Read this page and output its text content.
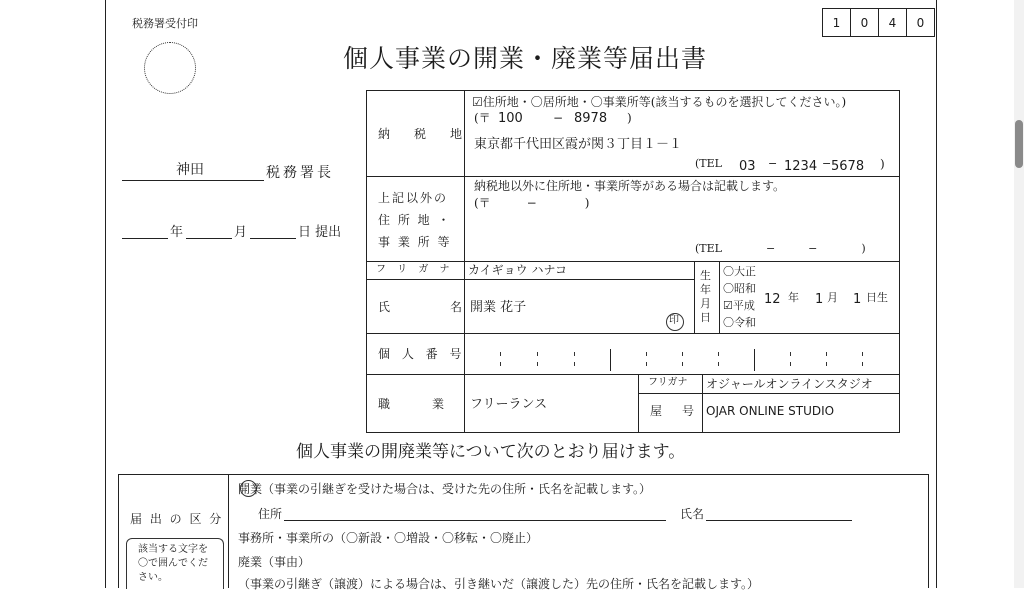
1	0	4	0
税務署受付印
個人事業の開業・廃業等届出書
神田	税務署長
年	月	日 提出
納　税　地
☑住所地・〇居所地・〇事業所等(該当するものを選択してください。)
(〒 100	− 8978 )
東京都千代田区霞が関３丁目１－１
(TEL 03 − 1234 − 5678 )
上記以外の
住 所 地 ・
事 業 所 等
納税地以外に住所地・事業所等がある場合は記載します。
(〒　　　−　　　　)
(TEL　　　　−　　　−　　　　)
フ リ ガ ナ カイギョウ ハナコ
氏　　　名 開業 花子
印
生
年
月
日
〇大正
〇昭和
☑平成
〇令和
12 年 1 月 1 日生
個 人 番 号
職　　業 フリーランス
フリガナ オジャールオンラインスタジオ
屋　号 OJAR ONLINE STUDIO
個人事業の開廃業等について次のとおり届けます。
届 出 の 区 分
該当する文字を
〇で囲んでくだ
さい。
開業（事業の引継ぎを受けた場合は、受けた先の住所・氏名を記載します。）
住所	氏名
事務所・事業所の（〇新設・〇増設・〇移転・〇廃止）
廃業（事由）
（事業の引継ぎ（譲渡）による場合は、引き継いだ（譲渡した）先の住所・氏名を記載します。）
